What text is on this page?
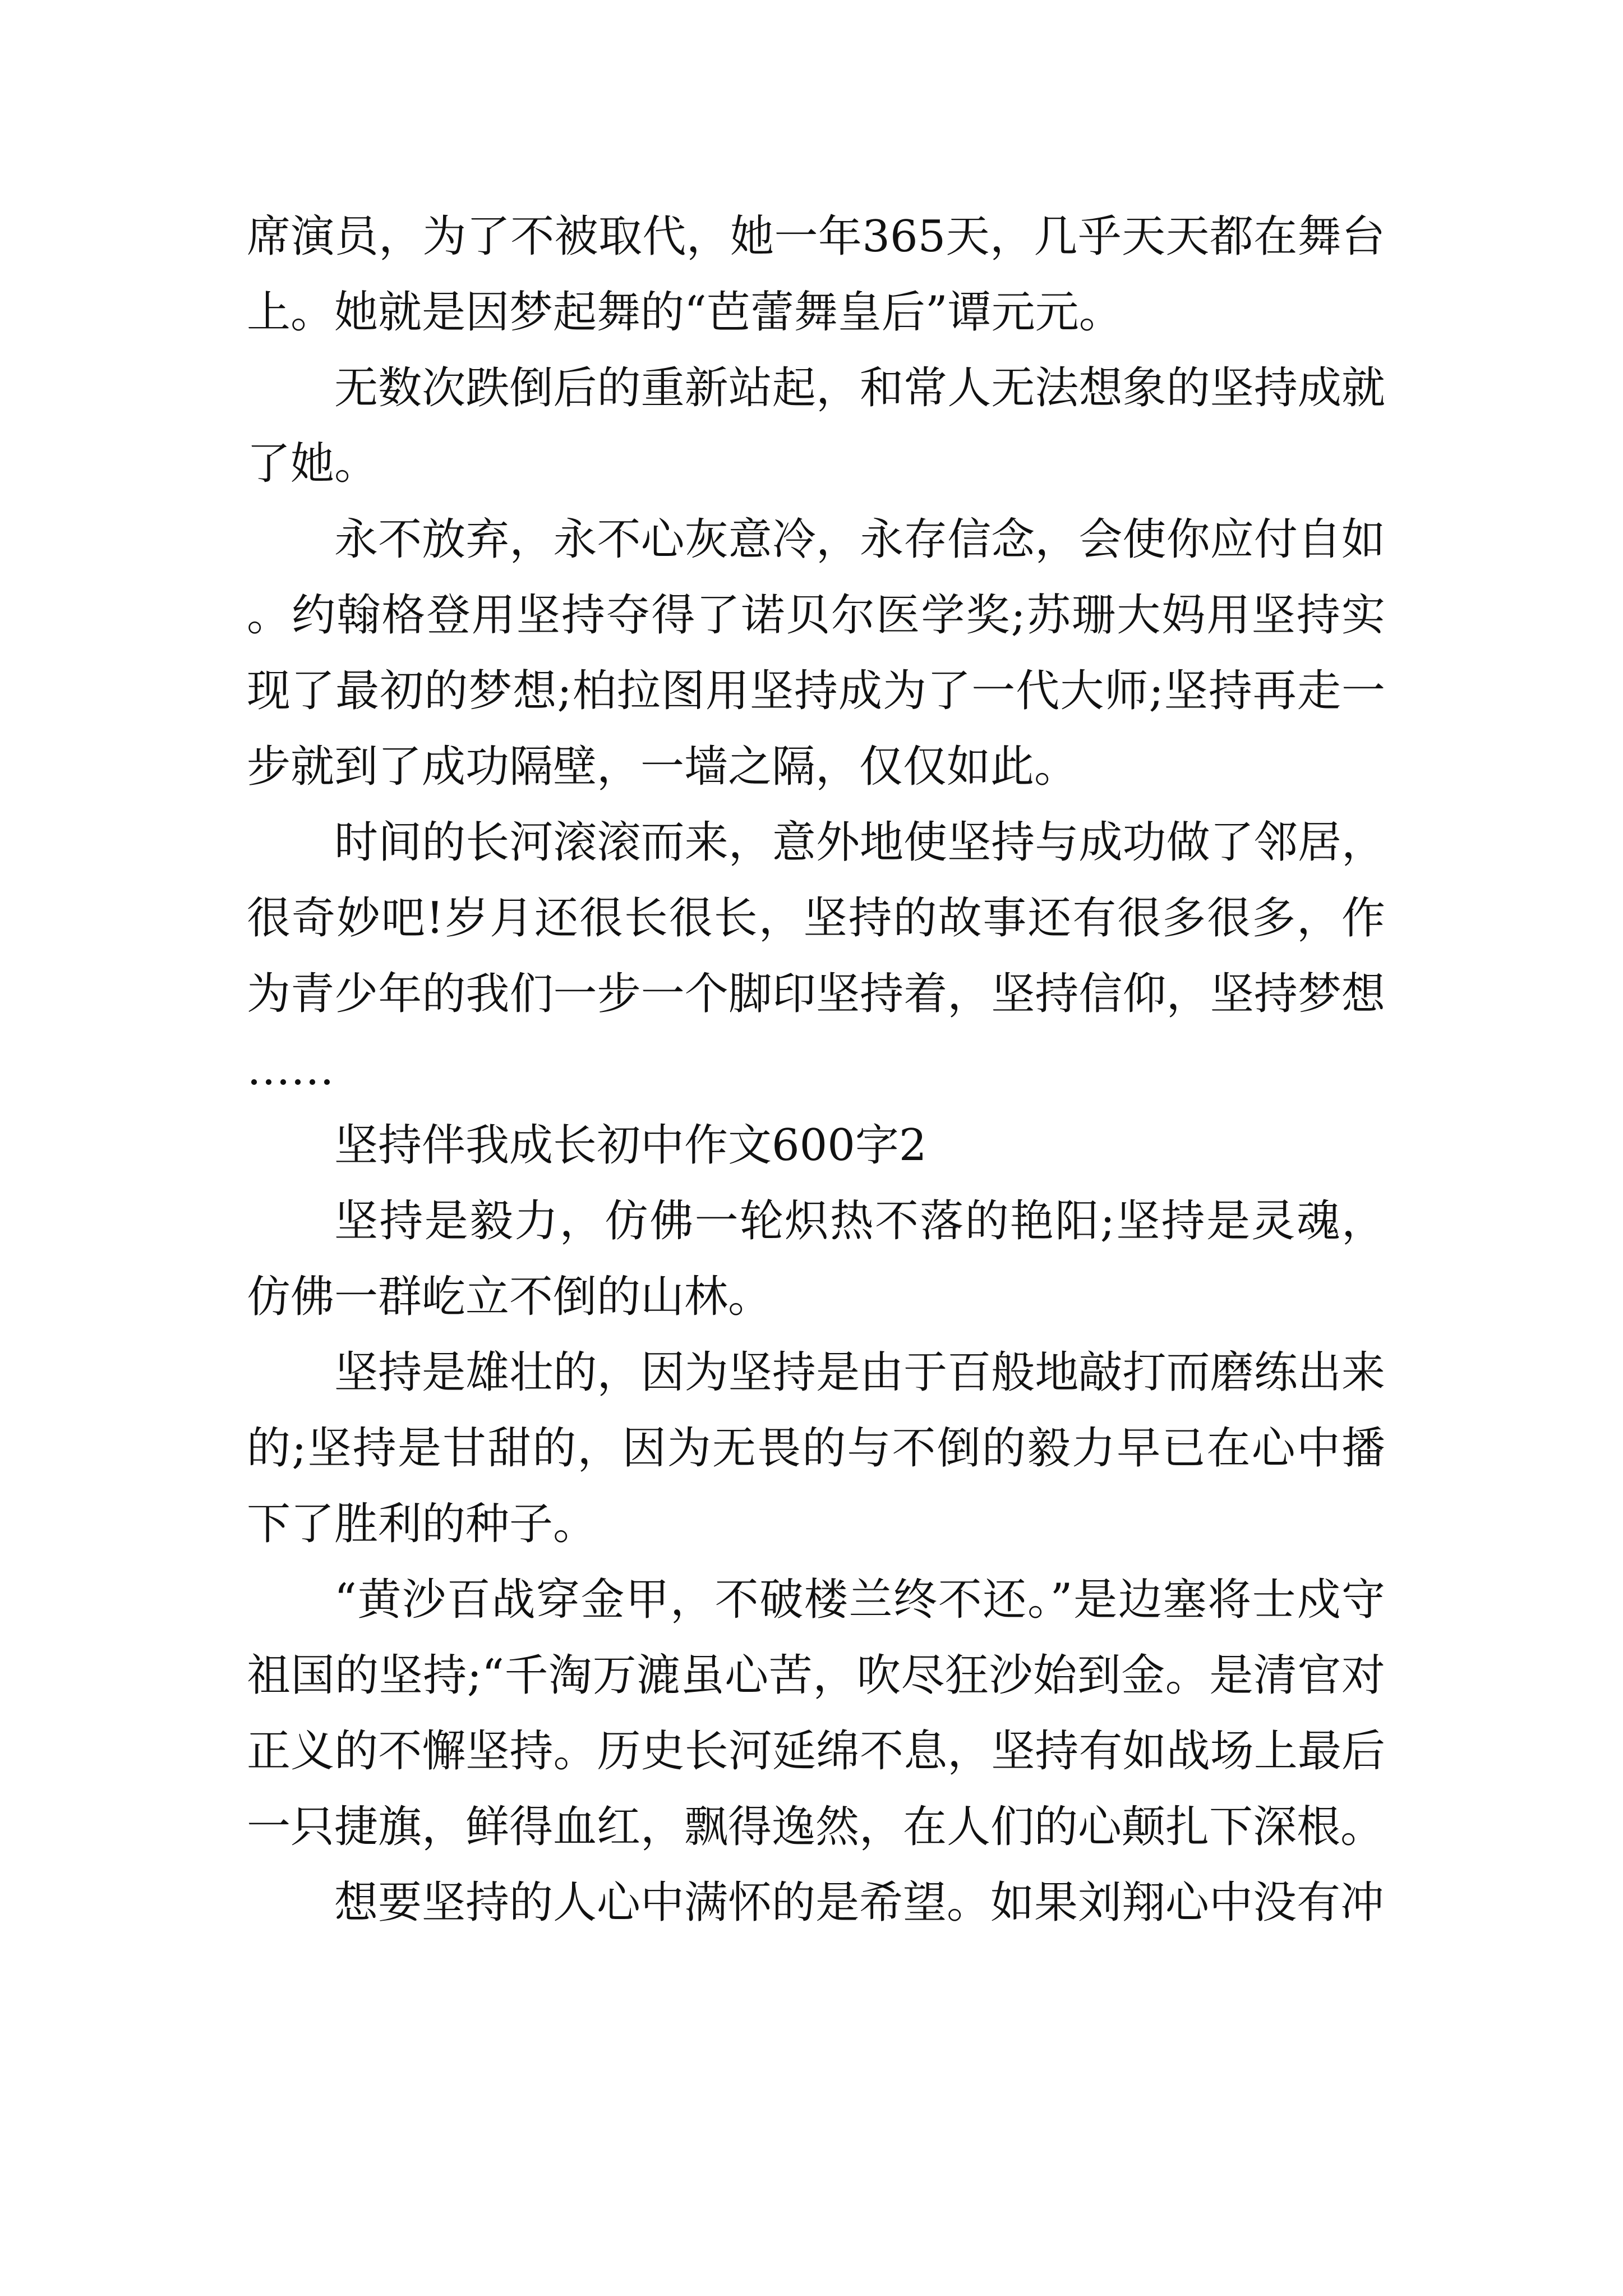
席演员，为了不被取代，她一年365天，几乎天天都在舞台上。她就是因梦起舞的“芭蕾舞皇后”谭元元。

无数次跌倒后的重新站起，和常人无法想象的坚持成就了她。

永不放弃，永不心灰意冷，永存信念，会使你应付自如。约翰格登用坚持夺得了诺贝尔医学奖;苏珊大妈用坚持实现了最初的梦想;柏拉图用坚持成为了一代大师;坚持再走一步就到了成功隔壁，一墙之隔，仅仅如此。

时间的长河滚滚而来，意外地使坚持与成功做了邻居，很奇妙吧!岁月还很长很长，坚持的故事还有很多很多，作为青少年的我们一步一个脚印坚持着，坚持信仰，坚持梦想……

坚持伴我成长初中作文600字2

坚持是毅力，仿佛一轮炽热不落的艳阳;坚持是灵魂，仿佛一群屹立不倒的山林。

坚持是雄壮的，因为坚持是由于百般地敲打而磨练出来的;坚持是甘甜的，因为无畏的与不倒的毅力早已在心中播下了胜利的种子。

“黄沙百战穿金甲，不破楼兰终不还。”是边塞将士戍守祖国的坚持;“千淘万漉虽心苦，吹尽狂沙始到金。是清官对正义的不懈坚持。历史长河延绵不息，坚持有如战场上最后一只捷旗，鲜得血红，飘得逸然，在人们的心颠扎下深根。

想要坚持的人心中满怀的是希望。如果刘翔心中没有冲
